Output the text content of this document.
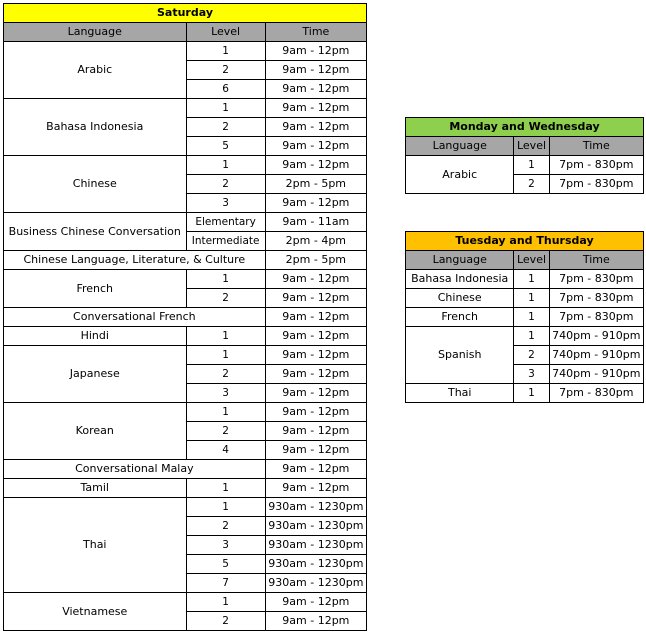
Saturday		
Language	Level	Time
Arabic	1	9am - 12pm
	2	9am - 12pm
	6	9am - 12pm
Bahasa Indonesia	1	9am - 12pm
	2	9am - 12pm
	5	9am - 12pm
Chinese	1	9am - 12pm
	2	2pm - 5pm
	3	9am - 12pm
Business Chinese Conversation	Elementary	9am - 11am
	Intermediate	2pm - 4pm
Chinese Language, Literature, & Culture		2pm - 5pm
French	1	9am - 12pm
	2	9am - 12pm
Conversational French		9am - 12pm
Hindi	1	9am - 12pm
Japanese	1	9am - 12pm
	2	9am - 12pm
	3	9am - 12pm
Korean	1	9am - 12pm
	2	9am - 12pm
	4	9am - 12pm
Conversational Malay		9am - 12pm
Tamil	1	9am - 12pm
Thai	1	930am - 1230pm
	2	930am - 1230pm
	3	930am - 1230pm
	5	930am - 1230pm
	7	930am - 1230pm
Vietnamese	1	9am - 12pm
	2	9am - 12pm
Monday and Wednesday		
Language	Level	Time
Arabic	1	7pm - 830pm
	2	7pm - 830pm
Tuesday and Thursday		
Language	Level	Time
Bahasa Indonesia	1	7pm - 830pm
Chinese	1	7pm - 830pm
French	1	7pm - 830pm
Spanish	1	740pm - 910pm
	2	740pm - 910pm
	3	740pm - 910pm
Thai	1	7pm - 830pm
